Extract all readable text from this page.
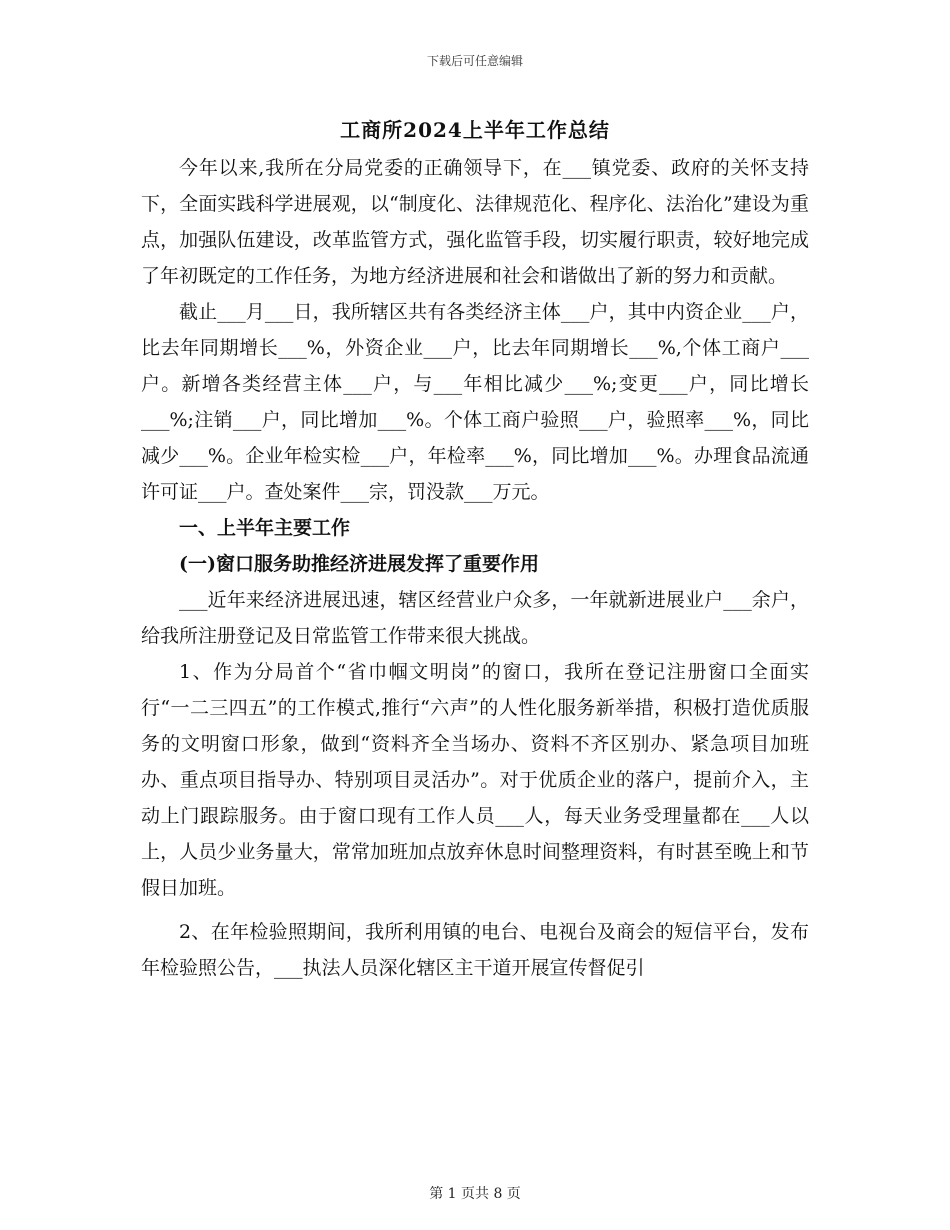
下载后可任意编辑
工商所2024上半年工作总结

今年以来,我所在分局党委的正确领导下，在___镇党委、政府的关怀支持下，全面实践科学进展观，以“制度化、法律规范化、程序化、法治化”建设为重点，加强队伍建设，改革监管方式，强化监管手段，切实履行职责，较好地完成了年初既定的工作任务，为地方经济进展和社会和谐做出了新的努力和贡献。

截止___月___日，我所辖区共有各类经济主体___户，其中内资企业___户，比去年同期增长___%，外资企业___户，比去年同期增长___%,个体工商户___户。新增各类经营主体___户，与___年相比减少___%;变更___户，同比增长___%;注销___户，同比增加___%。个体工商户验照___户，验照率___%，同比减少___%。企业年检实检___户，年检率___%，同比增加___%。办理食品流通许可证___户。查处案件___宗，罚没款___万元。

一、上半年主要工作

(一)窗口服务助推经济进展发挥了重要作用

___近年来经济进展迅速，辖区经营业户众多，一年就新进展业户___余户，给我所注册登记及日常监管工作带来很大挑战。

1、作为分局首个“省巾帼文明岗”的窗口，我所在登记注册窗口全面实行“一二三四五”的工作模式,推行“六声”的人性化服务新举措，积极打造优质服务的文明窗口形象，做到“资料齐全当场办、资料不齐区别办、紧急项目加班办、重点项目指导办、特别项目灵活办”。对于优质企业的落户，提前介入，主动上门跟踪服务。由于窗口现有工作人员___人，每天业务受理量都在___人以上，人员少业务量大，常常加班加点放弃休息时间整理资料，有时甚至晚上和节假日加班。

2、在年检验照期间，我所利用镇的电台、电视台及商会的短信平台，发布年检验照公告，___执法人员深化辖区主干道开展宣传督促引

第 1 页共 8 页
